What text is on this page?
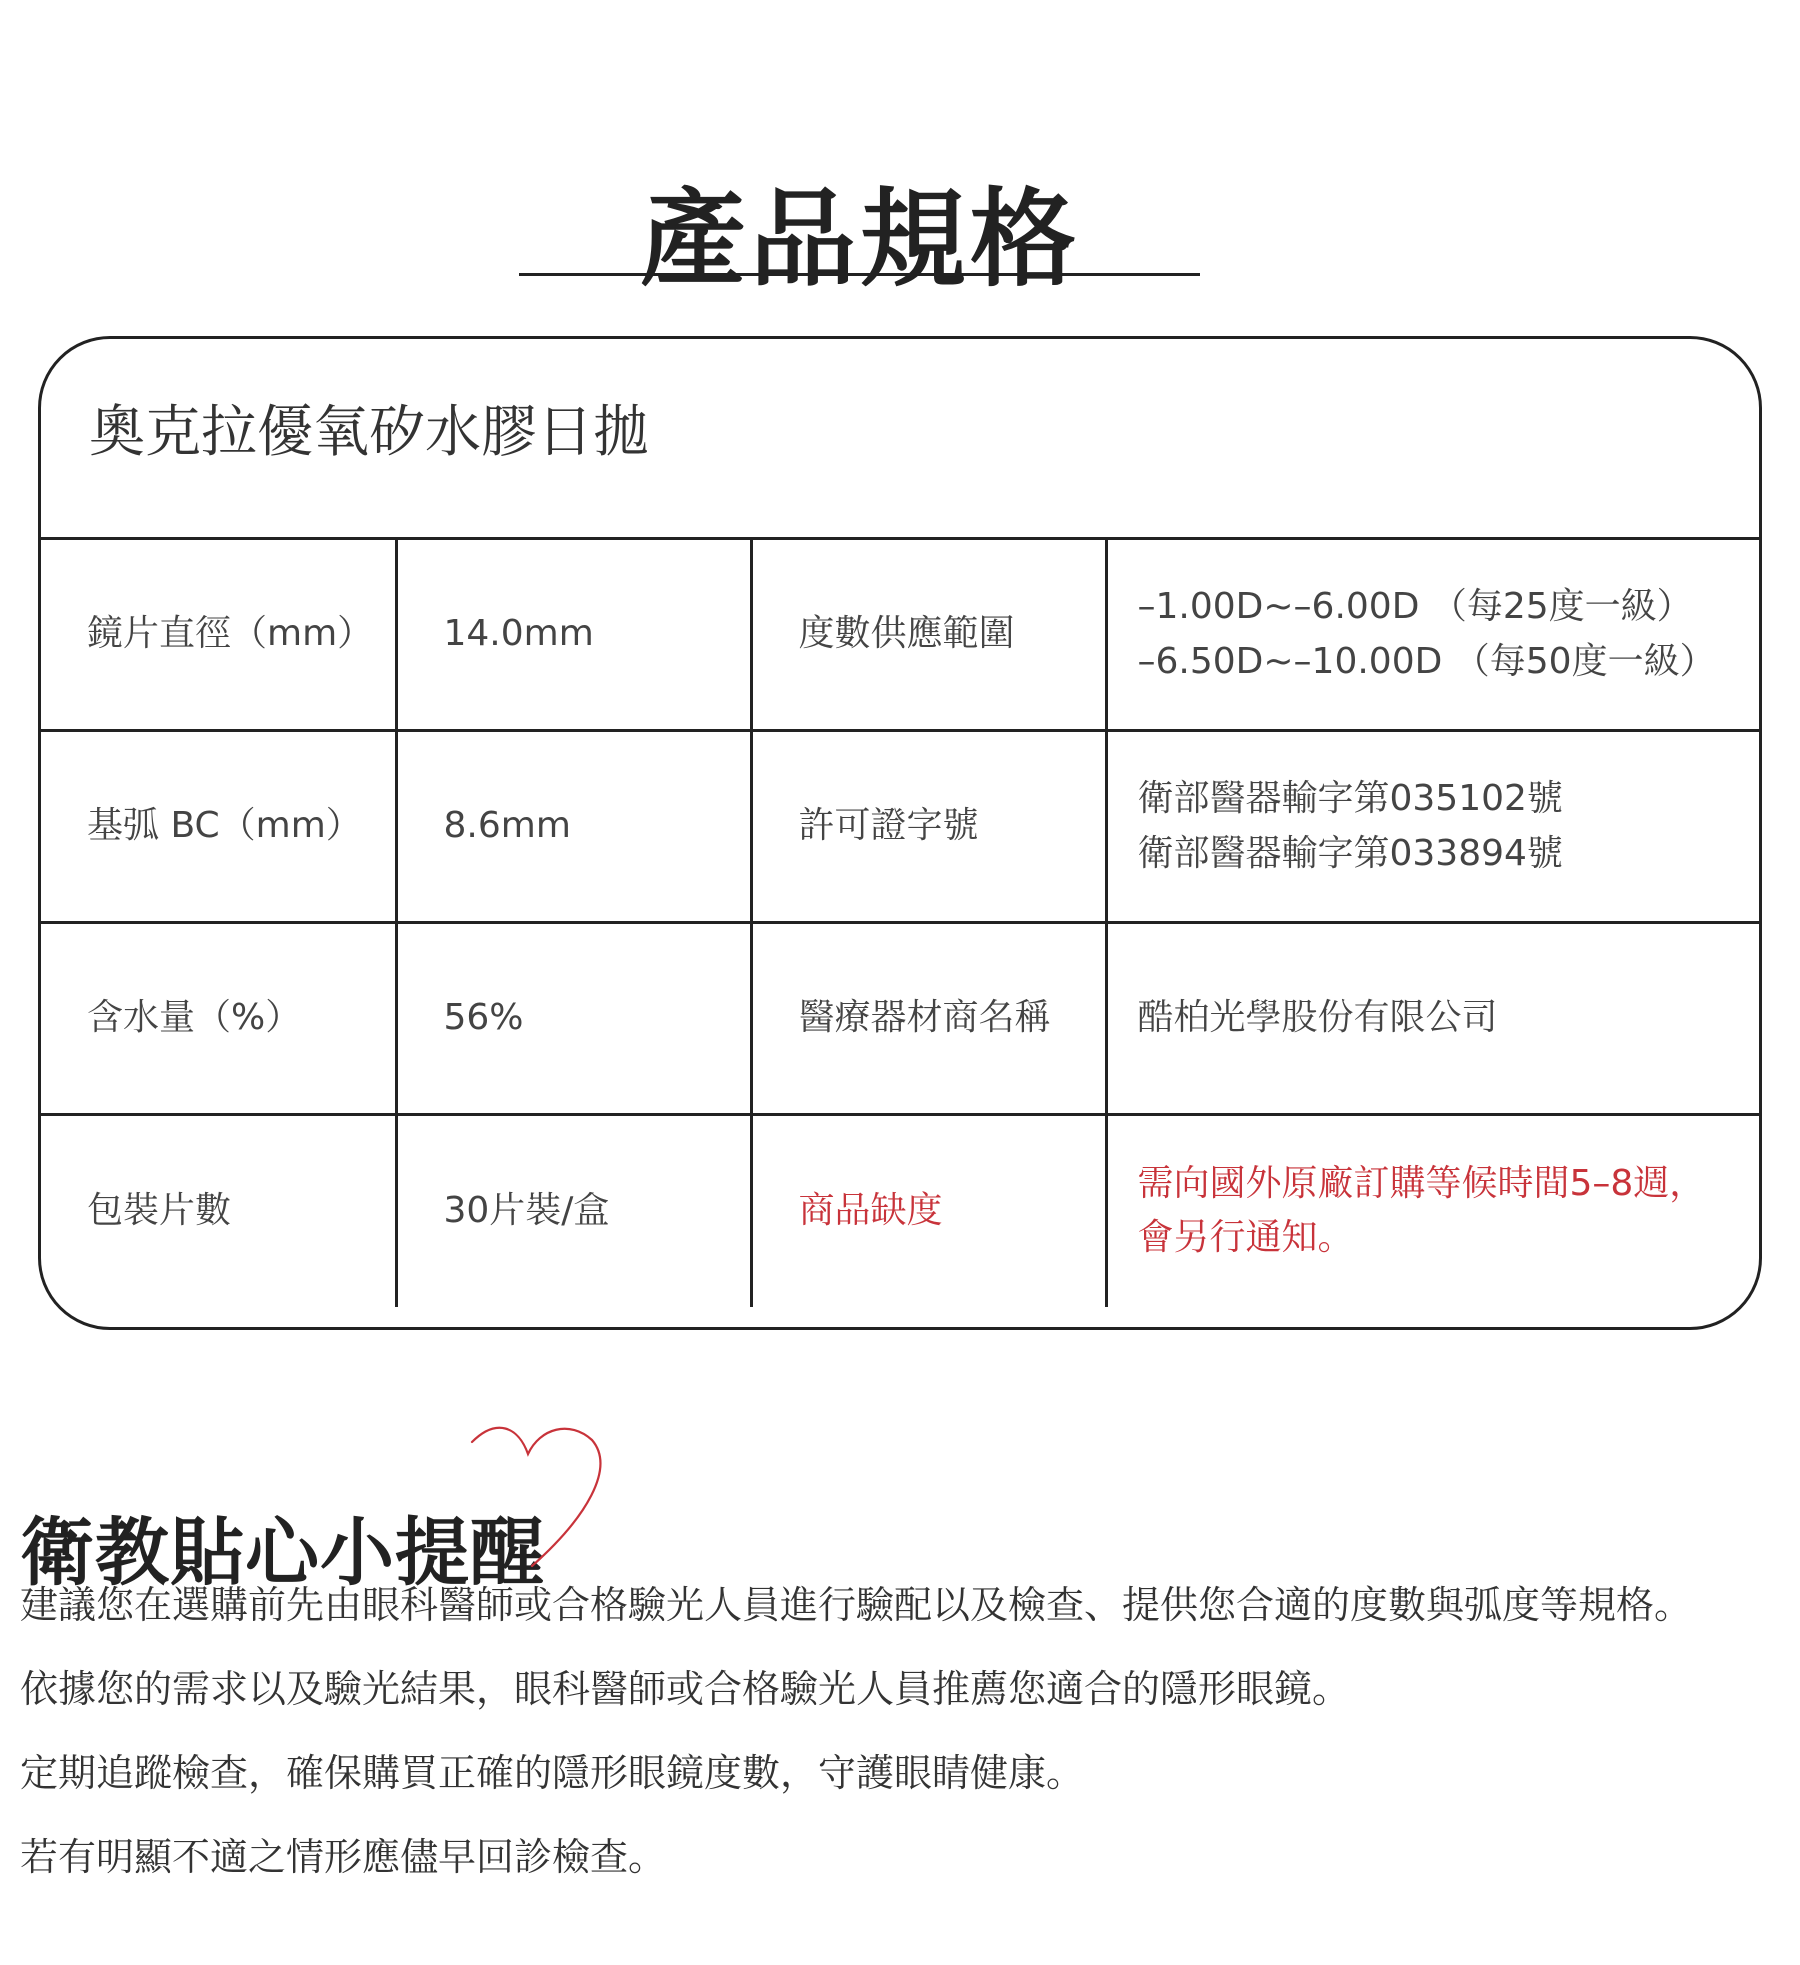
產品規格
奧克拉優氧矽水膠日拋
鏡片直徑（mm）	14.0mm	度數供應範圍	–1.00D~–6.00D （每25度一級）
–6.50D~–10.00D （每50度一級）

基弧 BC（mm）	8.6mm	許可證字號	衛部醫器輸字第035102號
衛部醫器輸字第033894號

含水量（%）	56%	醫療器材商名稱	酷柏光學股份有限公司

包裝片數	30片裝/盒	商品缺度	需向國外原廠訂購等候時間5–8週，
會另行通知。
衛教貼心小提醒
建議您在選購前先由眼科醫師或合格驗光人員進行驗配以及檢查、提供您合適的度數與弧度等規格。
依據您的需求以及驗光結果，眼科醫師或合格驗光人員推薦您適合的隱形眼鏡。
定期追蹤檢查，確保購買正確的隱形眼鏡度數，守護眼睛健康。
若有明顯不適之情形應儘早回診檢查。
